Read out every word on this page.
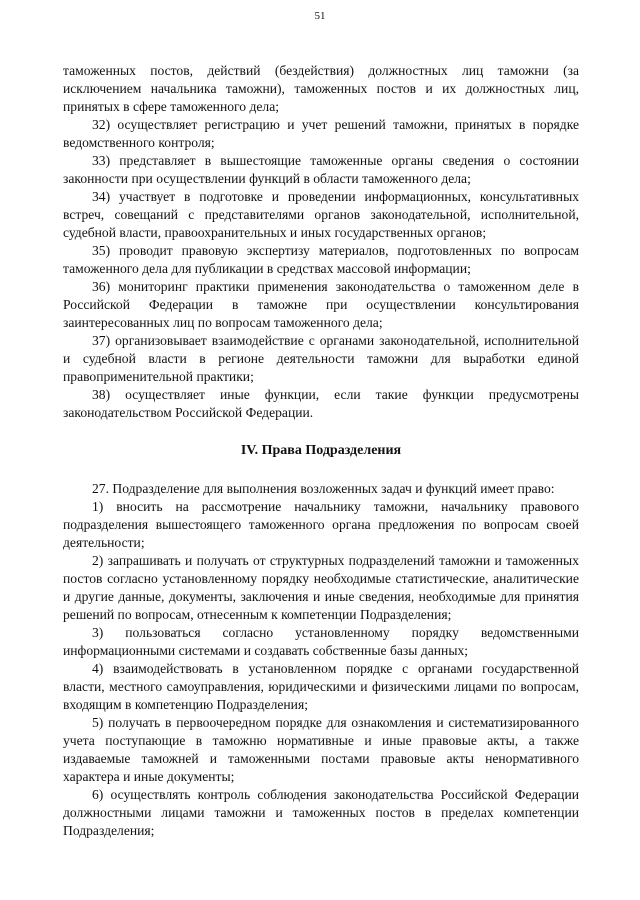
51

таможенных постов, действий (бездействия) должностных лиц таможни (за исключением начальника таможни), таможенных постов и их должностных лиц, принятых в сфере таможенного дела;

32) осуществляет регистрацию и учет решений таможни, принятых в порядке ведомственного контроля;

33) представляет в вышестоящие таможенные органы сведения о состоянии законности при осуществлении функций в области таможенного дела;

34) участвует в подготовке и проведении информационных, консультативных встреч, совещаний с представителями органов законодательной, исполнительной, судебной власти, правоохранительных и иных государственных органов;

35) проводит правовую экспертизу материалов, подготовленных по вопросам таможенного дела для публикации в средствах массовой информации;

36) мониторинг практики применения законодательства о таможенном деле в Российской Федерации в таможне при осуществлении консультирования заинтересованных лиц по вопросам таможенного дела;

37) организовывает взаимодействие с органами законодательной, исполнительной и судебной власти в регионе деятельности таможни для выработки единой правоприменительной практики;

38) осуществляет иные функции, если такие функции предусмотрены законодательством Российской Федерации.

IV. Права Подразделения

27. Подразделение для выполнения возложенных задач и функций имеет право:

1) вносить на рассмотрение начальнику таможни, начальнику правового подразделения вышестоящего таможенного органа предложения по вопросам своей деятельности;

2) запрашивать и получать от структурных подразделений таможни и таможенных постов согласно установленному порядку необходимые статистические, аналитические и другие данные, документы, заключения и иные сведения, необходимые для принятия решений по вопросам, отнесенным к компетенции Подразделения;

3) пользоваться согласно установленному порядку ведомственными информационными системами и создавать собственные базы данных;

4) взаимодействовать в установленном порядке с органами государственной власти, местного самоуправления, юридическими и физическими лицами по вопросам, входящим в компетенцию Подразделения;

5) получать в первоочередном порядке для ознакомления и систематизированного учета поступающие в таможню нормативные и иные правовые акты, а также издаваемые таможней и таможенными постами правовые акты ненормативного характера и иные документы;

6) осуществлять контроль соблюдения законодательства Российской Федерации должностными лицами таможни и таможенных постов в пределах компетенции Подразделения;
